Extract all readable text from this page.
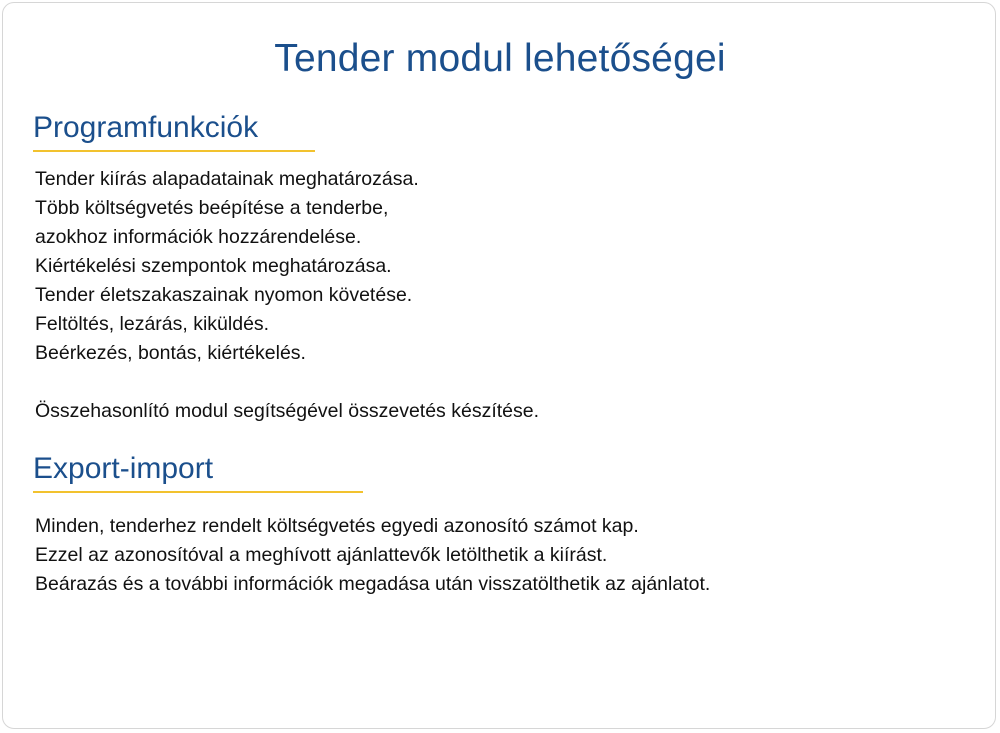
Tender modul lehetőségei
Programfunkciók
Tender kiírás alapadatainak meghatározása.
Több költségvetés beépítése a tenderbe,
azokhoz információk hozzárendelése.
Kiértékelési szempontok meghatározása.
Tender életszakaszainak nyomon követése.
Feltöltés, lezárás, kiküldés.
Beérkezés, bontás, kiértékelés.
Összehasonlító modul segítségével összevetés készítése.
Export-import
Minden, tenderhez rendelt költségvetés egyedi azonosító számot kap.
Ezzel az azonosítóval a meghívott ajánlattevők letölthetik a kiírást.
Beárazás és a további információk megadása után visszatölthetik az ajánlatot.
